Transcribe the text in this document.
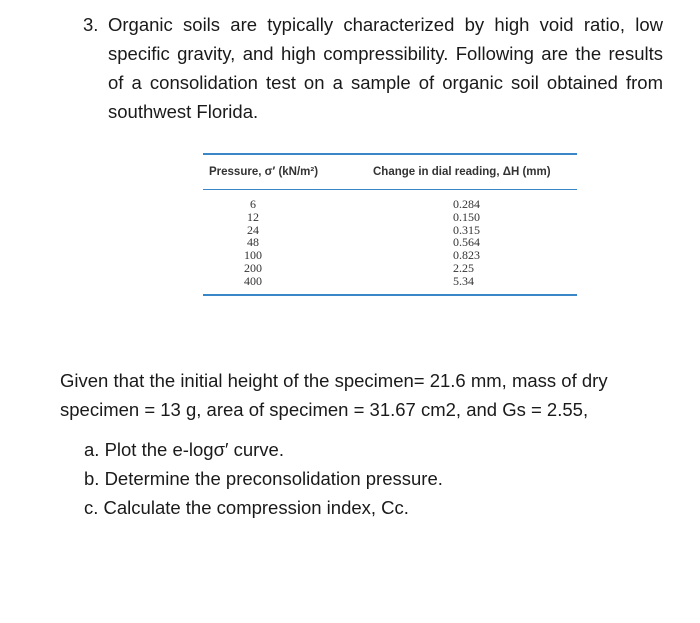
3. Organic soils are typically characterized by high void ratio, low specific gravity, and high compressibility. Following are the results of a consolidation test on a sample of organic soil obtained from southwest Florida.
Pressure, σ′ (kN/m²)	Change in dial reading, ΔH (mm)
6
12
24
48
100
200
400
0.284
0.150
0.315
0.564
0.823
2.25
5.34
Given that the initial height of the specimen= 21.6 mm, mass of dry specimen = 13 g, area of specimen = 31.67 cm2, and Gs = 2.55,
a. Plot the e-logσ′ curve.
b. Determine the preconsolidation pressure.
c. Calculate the compression index, Cc.
